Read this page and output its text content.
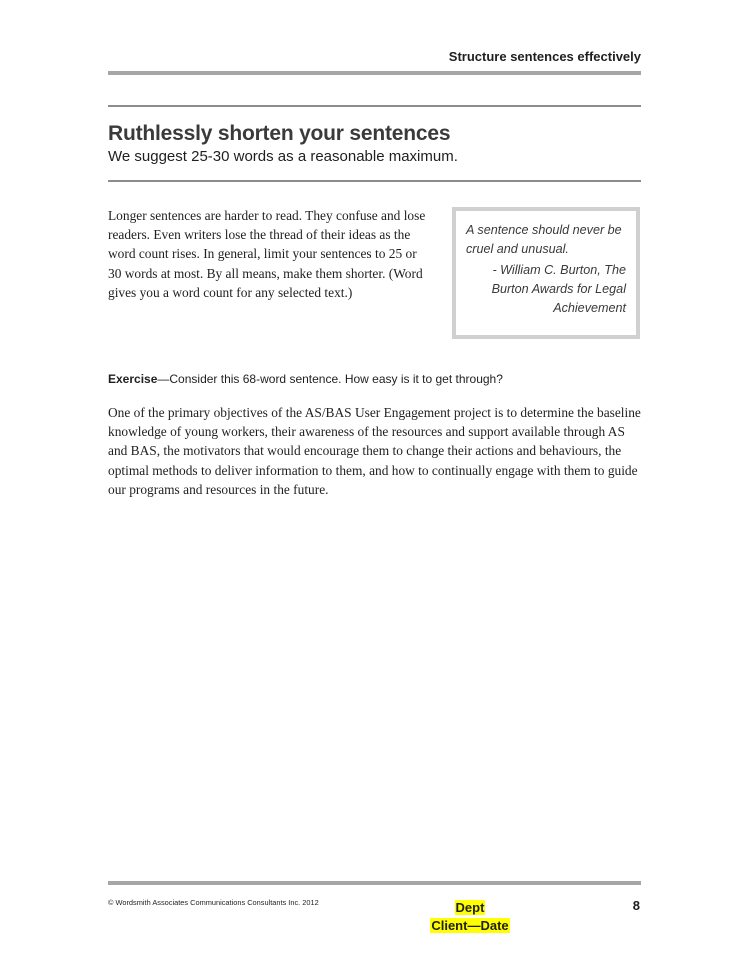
Structure sentences effectively
Ruthlessly shorten your sentences
We suggest 25-30 words as a reasonable maximum.

Longer sentences are harder to read. They confuse and lose readers. Even writers lose the thread of their ideas as the word count rises. In general, limit your sentences to 25 or 30 words at most. By all means, make them shorter. (Word gives you a word count for any selected text.)

A sentence should never be cruel and unusual.
- William C. Burton, The Burton Awards for Legal Achievement
Exercise—Consider this 68-word sentence. How easy is it to get through?

One of the primary objectives of the AS/BAS User Engagement project is to determine the baseline knowledge of young workers, their awareness of the resources and support available through AS and BAS, the motivators that would encourage them to change their actions and behaviours, the optimal methods to deliver information to them, and how to continually engage with them to guide our programs and resources in the future.

© Wordsmith Associates Communications Consultants Inc. 2012	Dept
Client—Date
8
